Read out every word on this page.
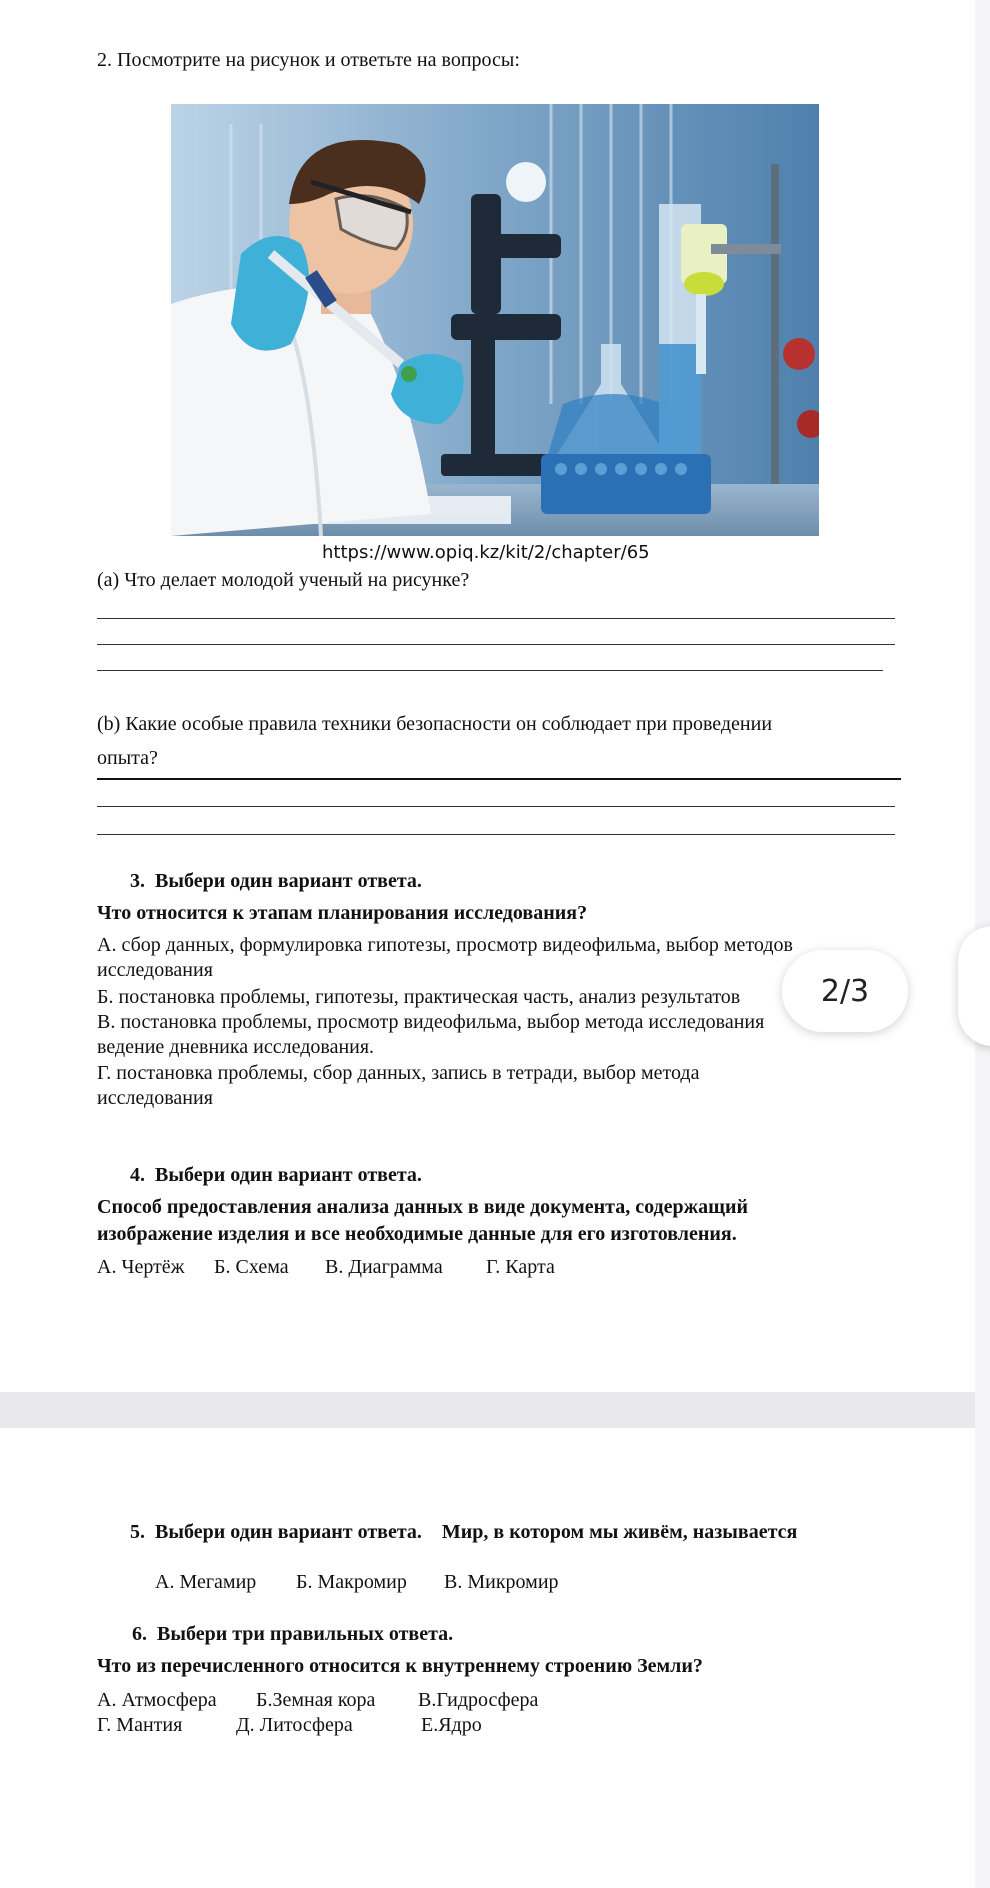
2. Посмотрите на рисунок и ответьте на вопросы:
https://www.opiq.kz/kit/2/chapter/65
(a) Что делает молодой ученый на рисунке?
(b) Какие особые правила техники безопасности он соблюдает при проведении
опыта?
3. Выбери один вариант ответа.
Что относится к этапам планирования исследования?
А. сбор данных, формулировка гипотезы, просмотр видеофильма, выбор методов
исследования
Б. постановка проблемы, гипотезы, практическая часть, анализ результатов
В. постановка проблемы, просмотр видеофильма, выбор метода исследования
ведение дневника исследования.
Г. постановка проблемы, сбор данных, запись в тетради, выбор метода
исследования
4. Выбери один вариант ответа.
Способ предоставления анализа данных в виде документа, содержащий
изображение изделия и все необходимые данные для его изготовления.
А. Чертёж Б. Схема В. Диаграмма Г. Карта
5. Выбери один вариант ответа. Мир, в котором мы живём, называется
А. Мегамир Б. Макромир В. Микромир
6. Выбери три правильных ответа.
Что из перечисленного относится к внутреннему строению Земли?
А. Атмосфера Б.Земная кора В.Гидросфера
Г. Мантия	Д. Литосфера	Е.Ядро
2/3
